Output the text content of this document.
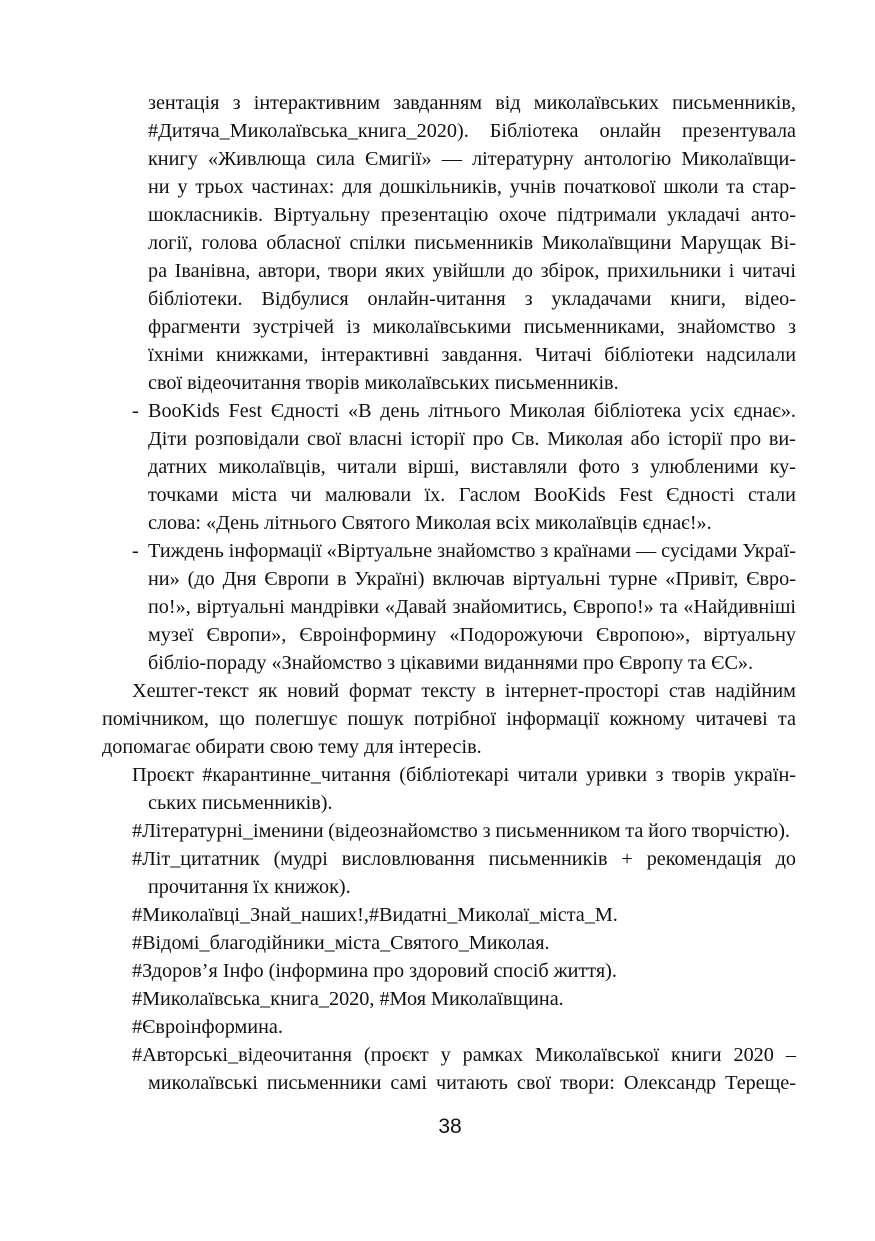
зентація з інтерактивним завданням від миколаївських письменників,
#Дитяча_Миколаївська_книга_2020). Бібліотека онлайн презентувала
книгу «Живлюща сила Ємигії» — літературну антологію Миколаївщи-
ни у трьох частинах: для дошкільників, учнів початкової школи та стар-
шокласників. Віртуальну презентацію охоче підтримали укладачі анто-
логії, голова обласної спілки письменників Миколаївщини Марущак Ві-
ра Іванівна, автори, твори яких увійшли до збірок, прихильники і читачі
бібліотеки. Відбулися онлайн-читання з укладачами книги, відео-
фрагменти зустрічей із миколаївськими письменниками, знайомство з
їхніми книжками, інтерактивні завдання. Читачі бібліотеки надсилали
свої відеочитання творів миколаївських письменників.
- BooKids Fest Єдності «В день літнього Миколая бібліотека усіх єднає».
Діти розповідали свої власні історії про Св. Миколая або історії про ви-
датних миколаївців, читали вірші, виставляли фото з улюбленими ку-
точками міста чи малювали їх. Гаслом BooKids Fest Єдності стали
слова: «День літнього Святого Миколая всіх миколаївців єднає!».
- Тиждень інформації «Віртуальне знайомство з країнами — сусідами Украї-
ни» (до Дня Європи в Україні) включав віртуальні турне «Привіт, Євро-
по!», віртуальні мандрівки «Давай знайомитись, Європо!» та «Найдивніші
музеї Європи», Євроінформину «Подорожуючи Європою», віртуальну
бібліо-пораду «Знайомство з цікавими виданнями про Європу та ЄС».
Хештег-текст як новий формат тексту в інтернет-просторі став надійним
помічником, що полегшує пошук потрібної інформації кожному читачеві та
допомагає обирати свою тему для інтересів.
Проєкт #карантинне_читання (бібліотекарі читали уривки з творів україн-
ських письменників).
#Літературні_іменини (відеознайомство з письменником та його творчістю).
#Літ_цитатник (мудрі висловлювання письменників + рекомендація до
прочитання їх книжок).
#Миколаївці_Знай_наших!,#Видатні_Миколаї_міста_М.
#Відомі_благодійники_міста_Святого_Миколая.
#Здоров’я Інфо (інформина про здоровий спосіб життя).
#Миколаївська_книга_2020, #Моя Миколаївщина.
#Євроінформина.
#Авторські_відеочитання (проєкт у рамках Миколаївської книги 2020 –
миколаївські письменники самі читають свої твори: Олександр Терещe-
38
